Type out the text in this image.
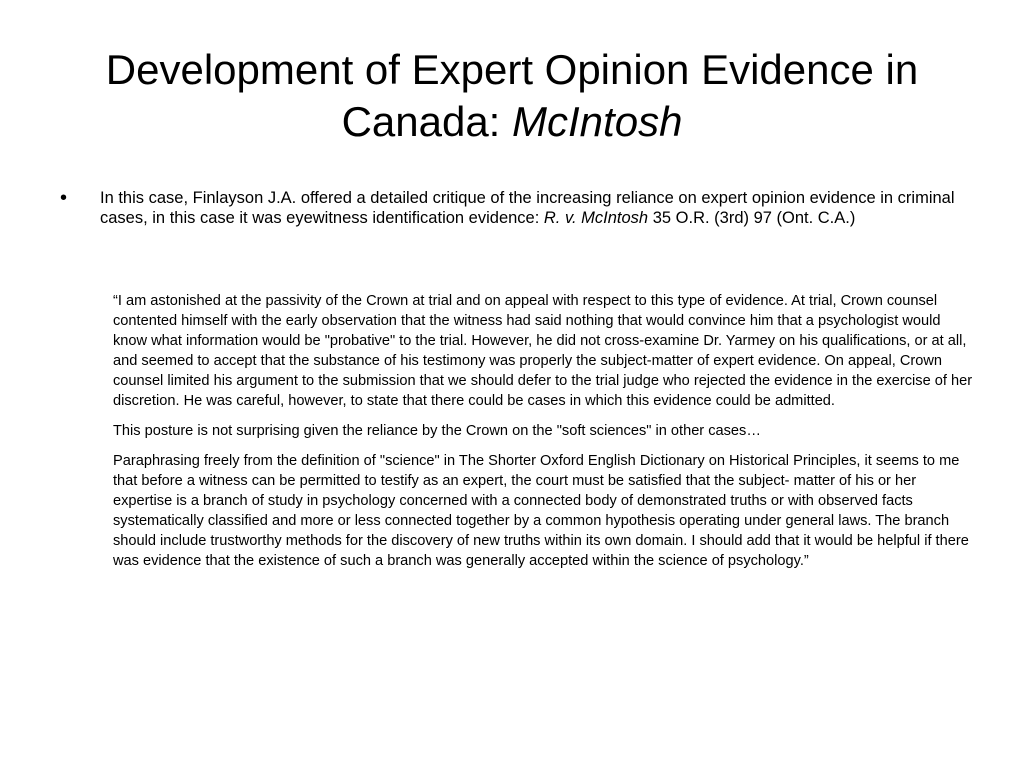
Development of Expert Opinion Evidence in Canada: McIntosh
•	In this case, Finlayson J.A. offered a detailed critique of the increasing reliance on expert opinion evidence in criminal cases, in this case it was eyewitness identification evidence: R. v. McIntosh 35 O.R. (3rd) 97 (Ont. C.A.)

“I am astonished at the passivity of the Crown at trial and on appeal with respect to this type of evidence. At trial, Crown counsel contented himself with the early observation that the witness had said nothing that would convince him that a psychologist would know what information would be "probative" to the trial. However, he did not cross-examine Dr. Yarmey on his qualifications, or at all, and seemed to accept that the substance of his testimony was properly the subject-matter of expert evidence. On appeal, Crown counsel limited his argument to the submission that we should defer to the trial judge who rejected the evidence in the exercise of her discretion. He was careful, however, to state that there could be cases in which this evidence could be admitted.

This posture is not surprising given the reliance by the Crown on the "soft sciences" in other cases…

Paraphrasing freely from the definition of "science" in The Shorter Oxford English Dictionary on Historical Principles, it seems to me that before a witness can be permitted to testify as an expert, the court must be satisfied that the subject- matter of his or her expertise is a branch of study in psychology concerned with a connected body of demonstrated truths or with observed facts systematically classified and more or less connected together by a common hypothesis operating under general laws. The branch should include trustworthy methods for the discovery of new truths within its own domain. I should add that it would be helpful if there was evidence that the existence of such a branch was generally accepted within the science of psychology.”
